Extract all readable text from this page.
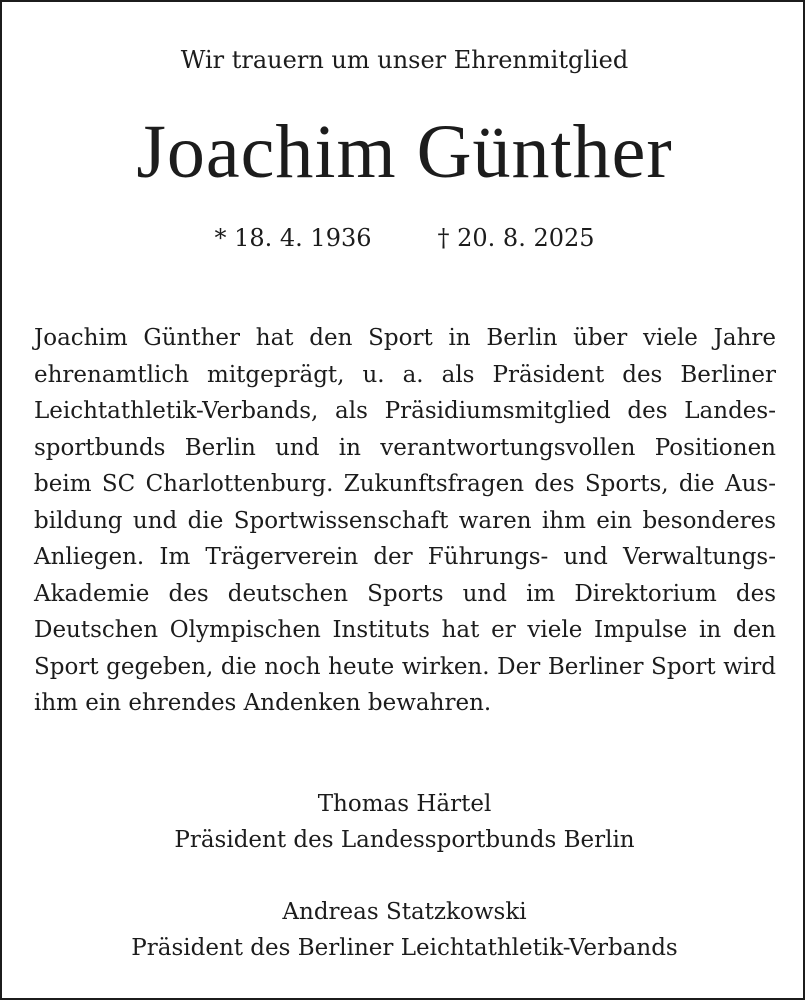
Wir trauern um unser Ehrenmitglied
Joachim Günther
* 18. 4. 1936	† 20. 8. 2025
Joachim Günther hat den Sport in Berlin über viele Jahre
ehrenamtlich mitgeprägt, u. a. als Präsident des Berliner
Leichtathletik-Verbands, als Präsidiumsmitglied des Landes-
sportbunds Berlin und in verantwortungsvollen Positionen
beim SC Charlottenburg. Zukunftsfragen des Sports, die Aus-
bildung und die Sportwissenschaft waren ihm ein besonderes
Anliegen. Im Trägerverein der Führungs- und Verwaltungs-
Akademie des deutschen Sports und im Direktorium des
Deutschen Olympischen Instituts hat er viele Impulse in den
Sport gegeben, die noch heute wirken. Der Berliner Sport wird
ihm ein ehrendes Andenken bewahren.
Thomas Härtel
Präsident des Landessportbunds Berlin
Andreas Statzkowski
Präsident des Berliner Leichtathletik-Verbands
